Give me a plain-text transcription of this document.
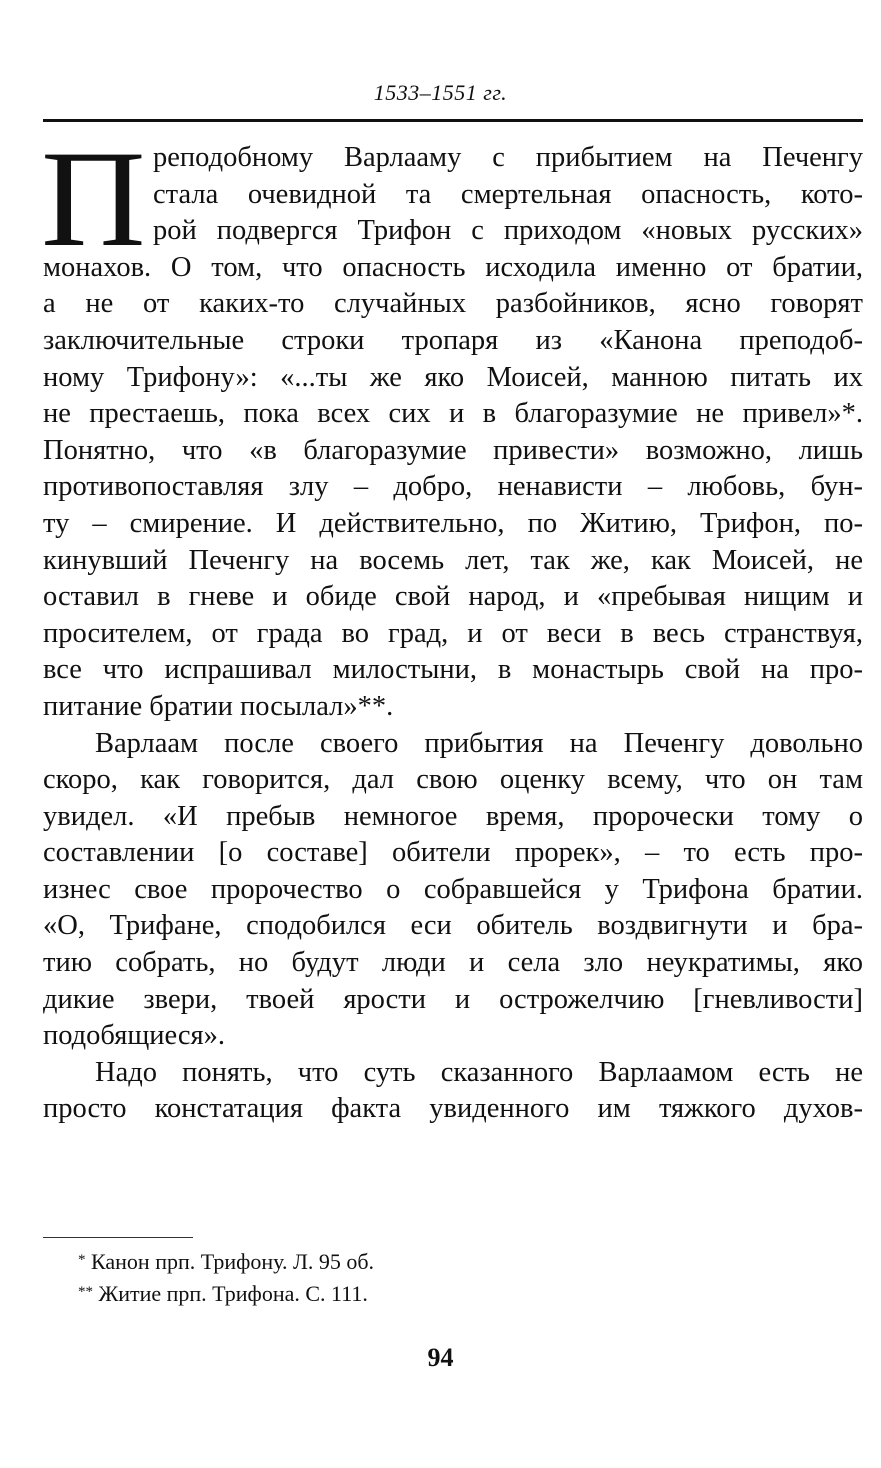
1533–1551 гг.
П реподобному Варлааму с прибытием на Печенгу
стала очевидной та смертельная опасность, кото-
рой подвергся Трифон с приходом «новых русских»
монахов. О том, что опасность исходила именно от братии,
а не от каких-то случайных разбойников, ясно говорят
заключительные строки тропаря из «Канона преподоб-
ному Трифону»: «...ты же яко Моисей, манною питать их
не престаешь, пока всех сих и в благоразумие не привел»*.
Понятно, что «в благоразумие привести» возможно, лишь
противопоставляя злу – добро, ненависти – любовь, бун-
ту – смирение. И действительно, по Житию, Трифон, по-
кинувший Печенгу на восемь лет, так же, как Моисей, не
оставил в гневе и обиде свой народ, и «пребывая нищим и
просителем, от града во град, и от веси в весь странствуя,
все что испрашивал милостыни, в монастырь свой на про-
питание братии посылал»**.
Варлаам после своего прибытия на Печенгу довольно
скоро, как говорится, дал свою оценку всему, что он там
увидел. «И пребыв немногое время, пророчески тому о
составлении [о составе] обители прорек», – то есть про-
изнес свое пророчество о собравшейся у Трифона братии.
«О, Трифане, сподобился еси обитель воздвигнути и бра-
тию собрать, но будут люди и села зло неукратимы, яко
дикие звери, твоей ярости и острожелчию [гневливости]
подобящиеся».
Надо понять, что суть сказанного Варлаамом есть не
просто констатация факта увиденного им тяжкого духов-
* Канон прп. Трифону. Л. 95 об.
** Житие прп. Трифона. С. 111.
94
